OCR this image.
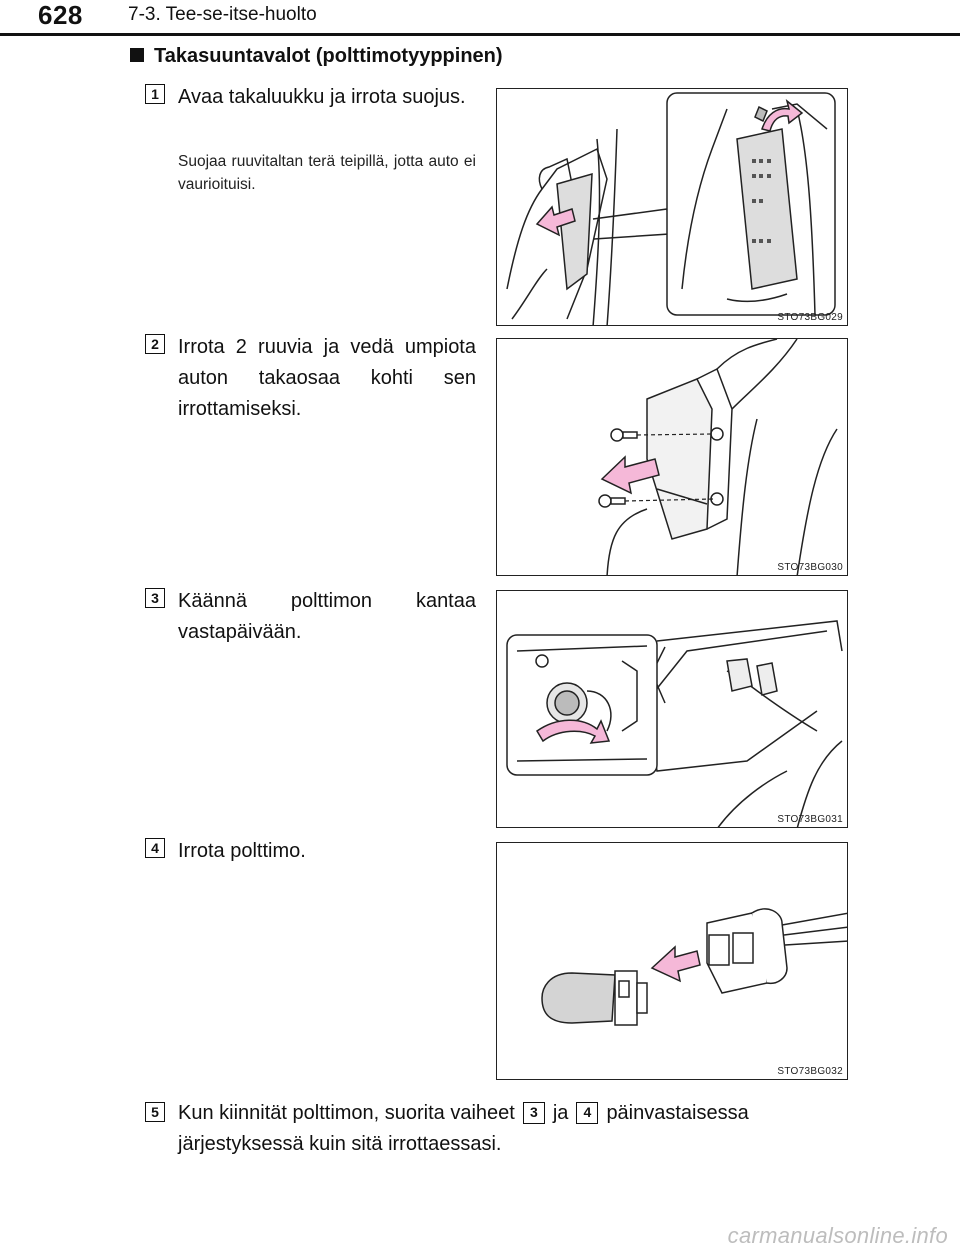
628 7-3. Tee-se-itse-huolto
Takasuuntavalot (polttimotyyppinen)
1 Avaa takaluukku ja irrota suojus.
Suojaa ruuvitaltan terä teipillä, jotta auto ei vaurioituisi.
STO73BG029
2 Irrota 2 ruuvia ja vedä umpiota auton takaosaa kohti sen irrottamiseksi.
STO73BG030
3 Käännä polttimon kantaa vastapäivään.
STO73BG031
4 Irrota polttimo.
STO73BG032
5 Kun kiinnität polttimon, suorita vaiheet 3 ja 4 päinvastaisessa järjestyksessä kuin sitä irrottaessasi.
carmanualsonline.info
